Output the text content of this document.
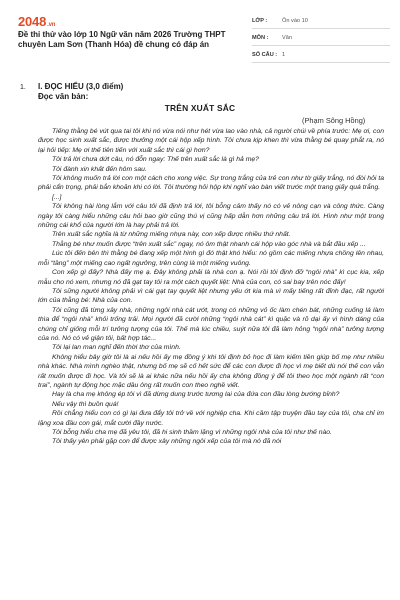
2048.vn
Đề thi thử vào lớp 10 Ngữ văn năm 2026 Trường THPT chuyên Lam Sơn (Thanh Hóa) đề chung có đáp án
LỚP :	Ôn vào 10
MÔN :	Văn
SỐ CÂU : 1
1. I. ĐỌC HIỂU (3,0 điểm)
Đọc văn bản:
TRÊN XUẤT SẮC
(Phạm Sông Hồng)

Tiếng thằng bé vút qua tai tôi khi nó vừa nói như hét vừa lao vào nhà, cả người chúi về phía trước: Mẹ ơi, con được học sinh xuất sắc, được thưởng một cái hộp xếp hình. Tôi chưa kịp khen thì vừa thằng bé quay phắt ra, nó lại hỏi tiếp: Mẹ ơi thế tiên tiến với xuất sắc thì cái gì hơn?

Tôi trả lời chưa dứt câu, nó đỗn ngay: Thế trên xuất sắc là gì hả mẹ?

Tôi đành xin khất đến hôm sau.

Tôi không muốn trả lời con một cách cho xong việc. Sự trong trắng của trẻ con như tờ giấy trắng, nó đòi hỏi ta phải cẩn trọng, phải bắn khoăn khi có lời. Tôi thường hỏi hộp khi nghĩ vào bàn viết trước một trang giấy quá trắng.

[...]

Tôi không hài lòng lắm với câu tôi đã định trả lời, tôi bỗng cảm thấy nó có vẻ nông cạn và công thức. Càng ngày tôi càng hiểu những câu hỏi bao giờ cũng thú vị cũng hấp dẫn hơn những câu trả lời. Hình như một trong những cái khổ của người lớn là hay phải trả lời.

Trên xuất sắc nghĩa là từ những miếng nhựa này, con xếp được nhiều thứ nhất.

Thằng bé như muốn được “trên xuất sắc” ngay, nó ôm thật nhanh cái hộp vào góc nhà và bắt đầu xếp ...

Lúc tôi đến bên thì thằng bé đang xếp một hình gì đó thật khó hiểu: nó gồm các miếng nhựa chồng lên nhau, mỗi “tầng” một miếng cao ngất ngưởng, trên cùng là một miếng vuông.

Con xếp gì đấy? Nhà đấy mẹ ạ. Đây không phải là nhà con ạ. Nói rồi tôi định đỡ “ngôi nhà” kì cục kia, xếp mẫu cho nó xem, nhưng nó đã gạt tay tôi ra một cách quyết liệt: Nhà của con, có sai bay trên nóc đấy!

Tôi sững người không phải vì cái gạt tay quyết liệt nhưng yếu ớt kia mà vì mấy tiếng rất đỉnh đạc, rất người lớn của thằng bé: Nhà của con.

Tôi cũng đã từng xây nhà, những ngôi nhà cát ướt, trong có những vỏ ốc làm chén bát, những cuống lá làm thìa để “ngôi nhà” khỏi trống trải. Mọi người đã cười những “ngôi nhà cát” kì quặc và rõ dại ấy vì hình dáng của chúng chỉ giống mỗi trí tưởng tượng của tôi. Thế mà lúc chiều, suýt nữa tôi đã làm hỏng “ngôi nhà” tưởng tượng của nó. Nó có vẻ giận tôi, bất hợp tác...

Tôi lại lan man nghĩ đến thời thơ của mình.

Không hiểu bây giờ tôi là ai nếu hồi ấy mẹ đồng ý khi tôi định bỏ học đi làm kiếm tiền giúp bố mẹ như nhiều nhà khác. Nhà mình nghèo thật, nhưng bố mẹ sẽ cố hết sức để các con được đi học vì mẹ biết dù nói thế con vẫn rất muốn được đi học. Và tôi sẽ là ai khác nữa nếu hồi ấy cha không đồng ý để tôi theo học một ngành rất “con trai”, ngành tự động học mặc dầu ông rất muốn con theo nghề viết.

Hay là cha mẹ không ép tôi vì đã dừng dung trước tương lai của đứa con đầu lòng bướng bỉnh?

Nếu vậy thì buồn quá!

Rồi chẳng hiểu con có gì lại đưa đẩy tôi trở về với nghiệp cha. Khi cầm tập truyện đầu tay của tôi, cha chỉ im lặng xoa đầu con gái, mắt cười đầy nước.

Tôi bỗng hiểu cha mẹ đã yêu tôi, đã hi sinh thầm lặng vì những ngôi nhà của tôi như thế nào.

Tôi thấy yên phải gặp con để được xây những ngôi xếp của tôi mà nó đã nói
